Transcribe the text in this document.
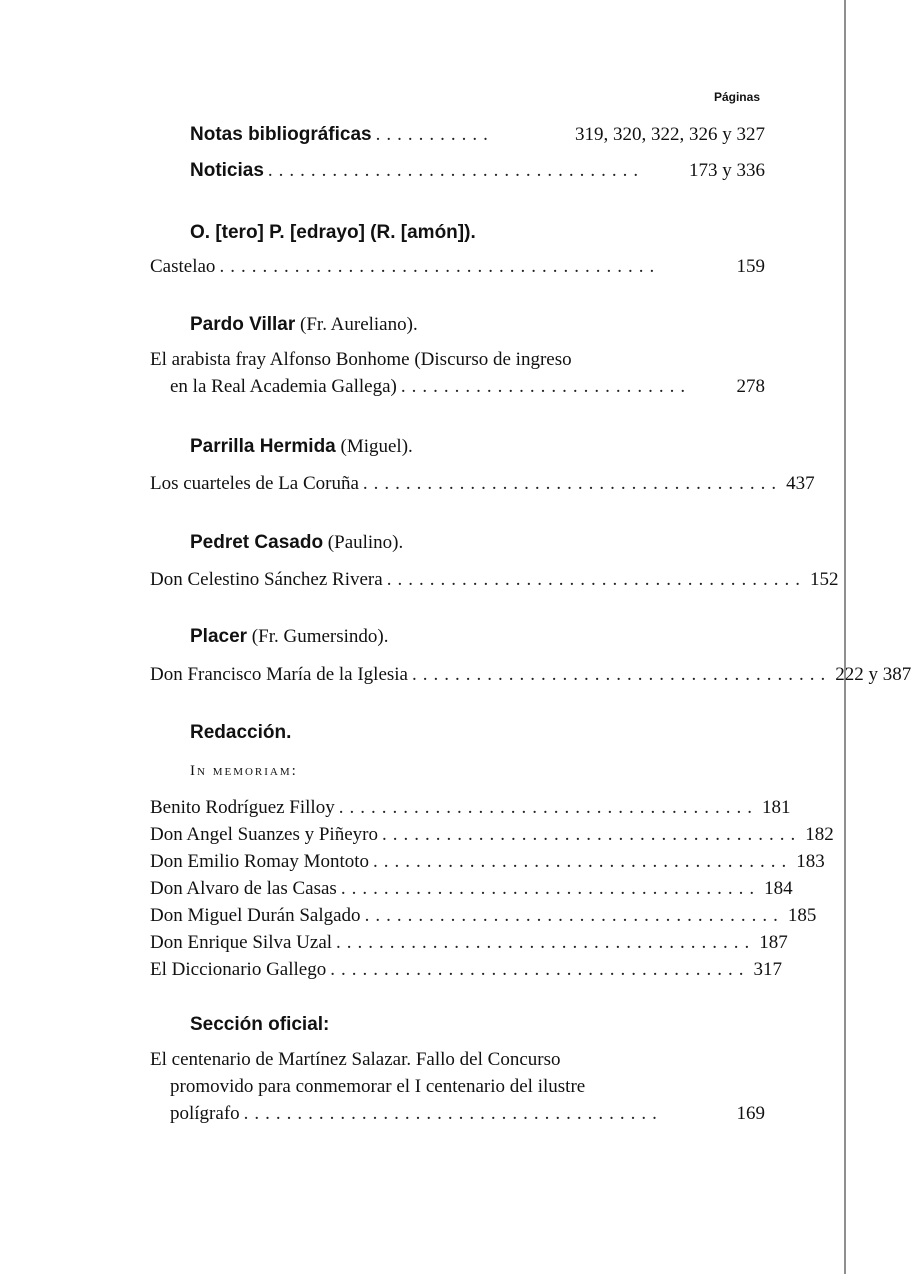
Páginas
Notas bibliográficas ...........	319, 320, 322, 326 y 327
Noticias ...................................	173 y 336
O. [tero] P. [edrayo] (R. [amón]).
Castelao .........................................	159
Pardo Villar (Fr. Aureliano).
El arabista fray Alfonso Bonhome (Discurso de ingreso
en la Real Academia Gallega) ...........................	278
Parrilla Hermida (Miguel).
Los cuarteles de La Coruña ....................................... 437
Pedret Casado (Paulino).
Don Celestino Sánchez Rivera ....................................... 152
Placer (Fr. Gumersindo).
Don Francisco María de la Iglesia ....................................... 222 y 387
Redacción.
In memoriam:
Benito Rodríguez Filloy ....................................... 181
Don Angel Suanzes y Piñeyro ....................................... 182
Don Emilio Romay Montoto ....................................... 183
Don Alvaro de las Casas ....................................... 184
Don Miguel Durán Salgado ....................................... 185
Don Enrique Silva Uzal ....................................... 187
El Diccionario Gallego ....................................... 317
Sección oficial:
El centenario de Martínez Salazar. Fallo del Concurso
promovido para conmemorar el I centenario del ilustre
polígrafo .......................................	169
